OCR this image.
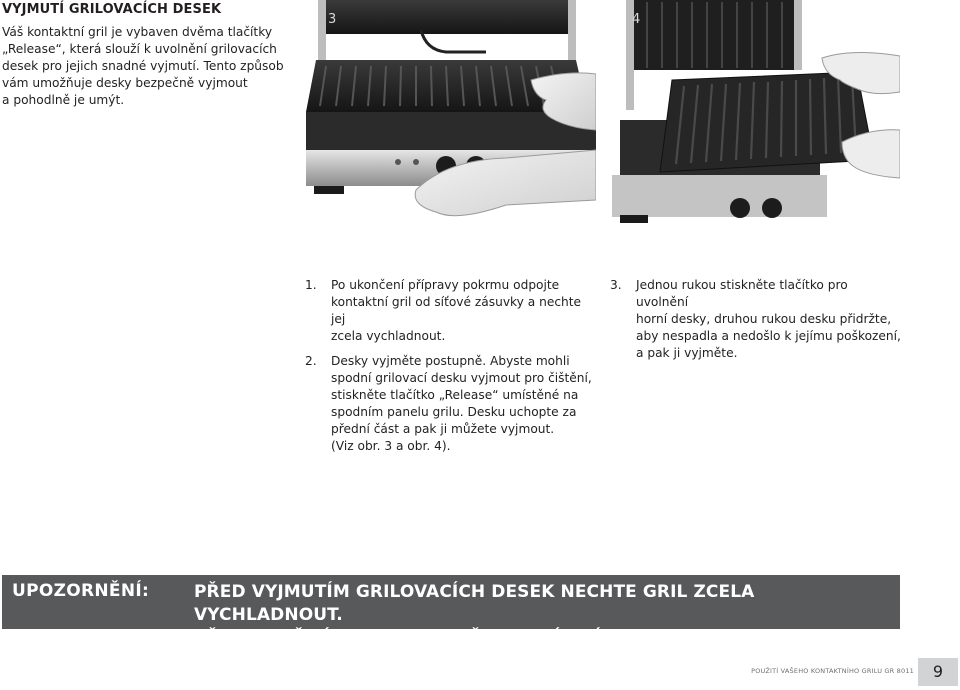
VYJMUTÍ GRILOVACÍCH DESEK
Váš kontaktní gril je vybaven dvěma tlačítky
„Release“, která slouží k uvolnění grilovacích
desek pro jejich snadné vyjmutí. Tento způsob
vám umožňuje desky bezpečně vyjmout
a pohodlně je umýt.
3	4
1. Po ukončení přípravy pokrmu odpojte
kontaktní gril od síťové zásuvky a nechte jej
zcela vychladnout.
2. Desky vyjměte postupně. Abyste mohli
spodní grilovací desku vyjmout pro čištění,
stiskněte tlačítko „Release“ umístěné na
spodním panelu grilu. Desku uchopte za
přední část a pak ji můžete vyjmout.
(Viz obr. 3 a obr. 4).
3. Jednou rukou stiskněte tlačítko pro uvolnění
horní desky, druhou rukou desku přidržte,
aby nespadla a nedošlo k jejímu poškození,
a pak ji vyjměte.
UPOZORNĚNÍ:	PŘED VYJMUTÍM GRILOVACÍCH DESEK NECHTE GRIL ZCELA VYCHLADNOUT.
PŘED POUŽITÍM ZCELA ODVIŇTE NAPÁJECÍ KABEL.
POUŽITÍ VAŠEHO KONTAKTNÍHO GRILU GR 8011	9
